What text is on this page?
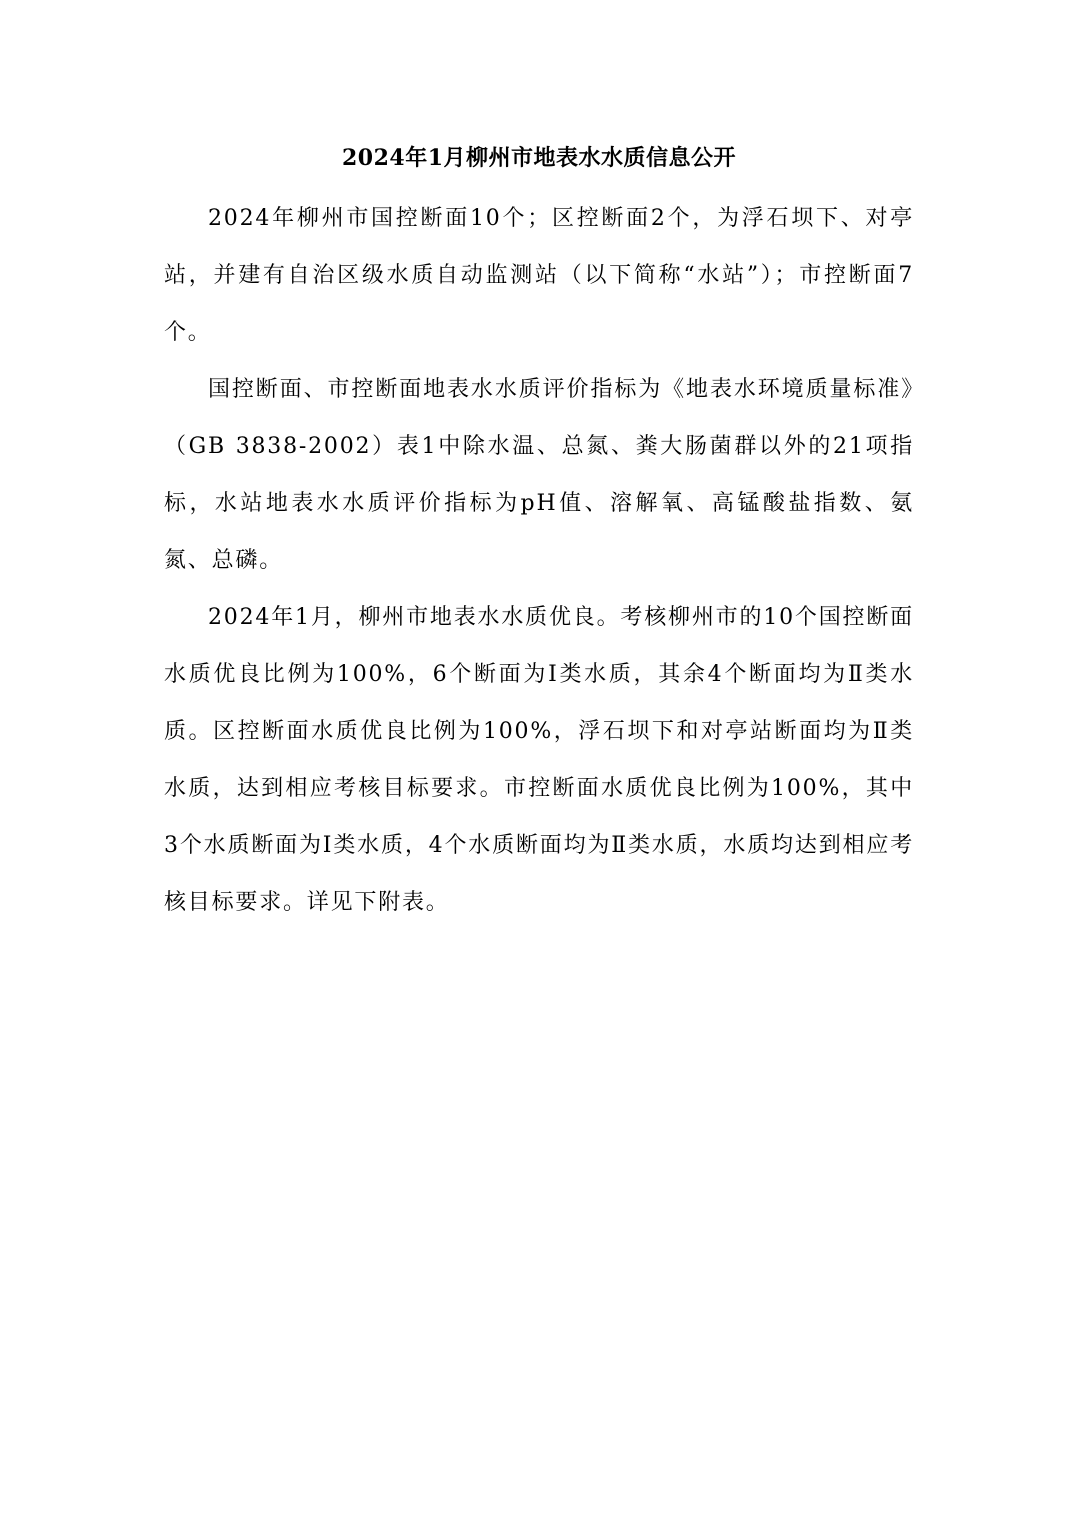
2024年1月柳州市地表水水质信息公开

2024年柳州市国控断面10个；区控断面2个，为浮石坝下、对亭站，并建有自治区级水质自动监测站（以下简称“水站”）；市控断面7个。

国控断面、市控断面地表水水质评价指标为《地表水环境质量标准》（GB 3838-2002）表1中除水温、总氮、粪大肠菌群以外的21项指标，水站地表水水质评价指标为pH值、溶解氧、高锰酸盐指数、氨氮、总磷。

2024年1月，柳州市地表水水质优良。考核柳州市的10个国控断面水质优良比例为100%，6个断面为Ⅰ类水质，其余4个断面均为Ⅱ类水质。区控断面水质优良比例为100%，浮石坝下和对亭站断面均为Ⅱ类水质，达到相应考核目标要求。市控断面水质优良比例为100%，其中3个水质断面为Ⅰ类水质，4个水质断面均为Ⅱ类水质，水质均达到相应考核目标要求。详见下附表。
